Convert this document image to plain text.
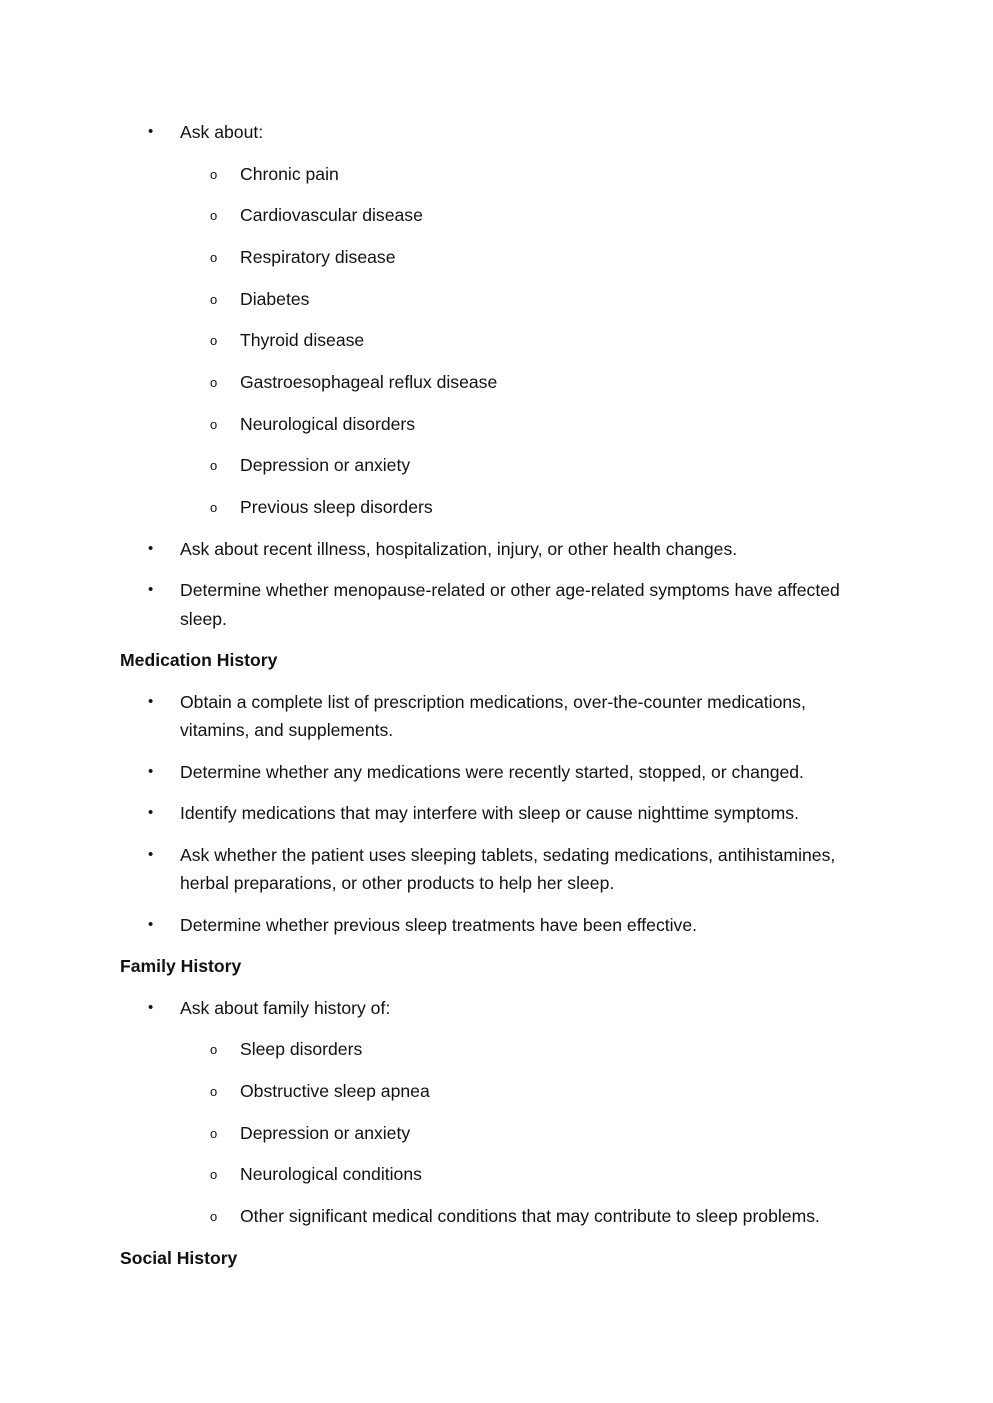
•	Ask about:
o Chronic pain
o Cardiovascular disease
o Respiratory disease
o Diabetes
o Thyroid disease
o Gastroesophageal reflux disease
o Neurological disorders
o Depression or anxiety
o Previous sleep disorders
•	Ask about recent illness, hospitalization, injury, or other health changes.
•	Determine whether menopause-related or other age-related symptoms have affected sleep.
Medication History
•	Obtain a complete list of prescription medications, over-the-counter medications, vitamins, and supplements.
•	Determine whether any medications were recently started, stopped, or changed.
•	Identify medications that may interfere with sleep or cause nighttime symptoms.
•	Ask whether the patient uses sleeping tablets, sedating medications, antihistamines, herbal preparations, or other products to help her sleep.
•	Determine whether previous sleep treatments have been effective.
Family History
•	Ask about family history of:
o Sleep disorders
o Obstructive sleep apnea
o Depression or anxiety
o Neurological conditions
o Other significant medical conditions that may contribute to sleep problems.
Social History
